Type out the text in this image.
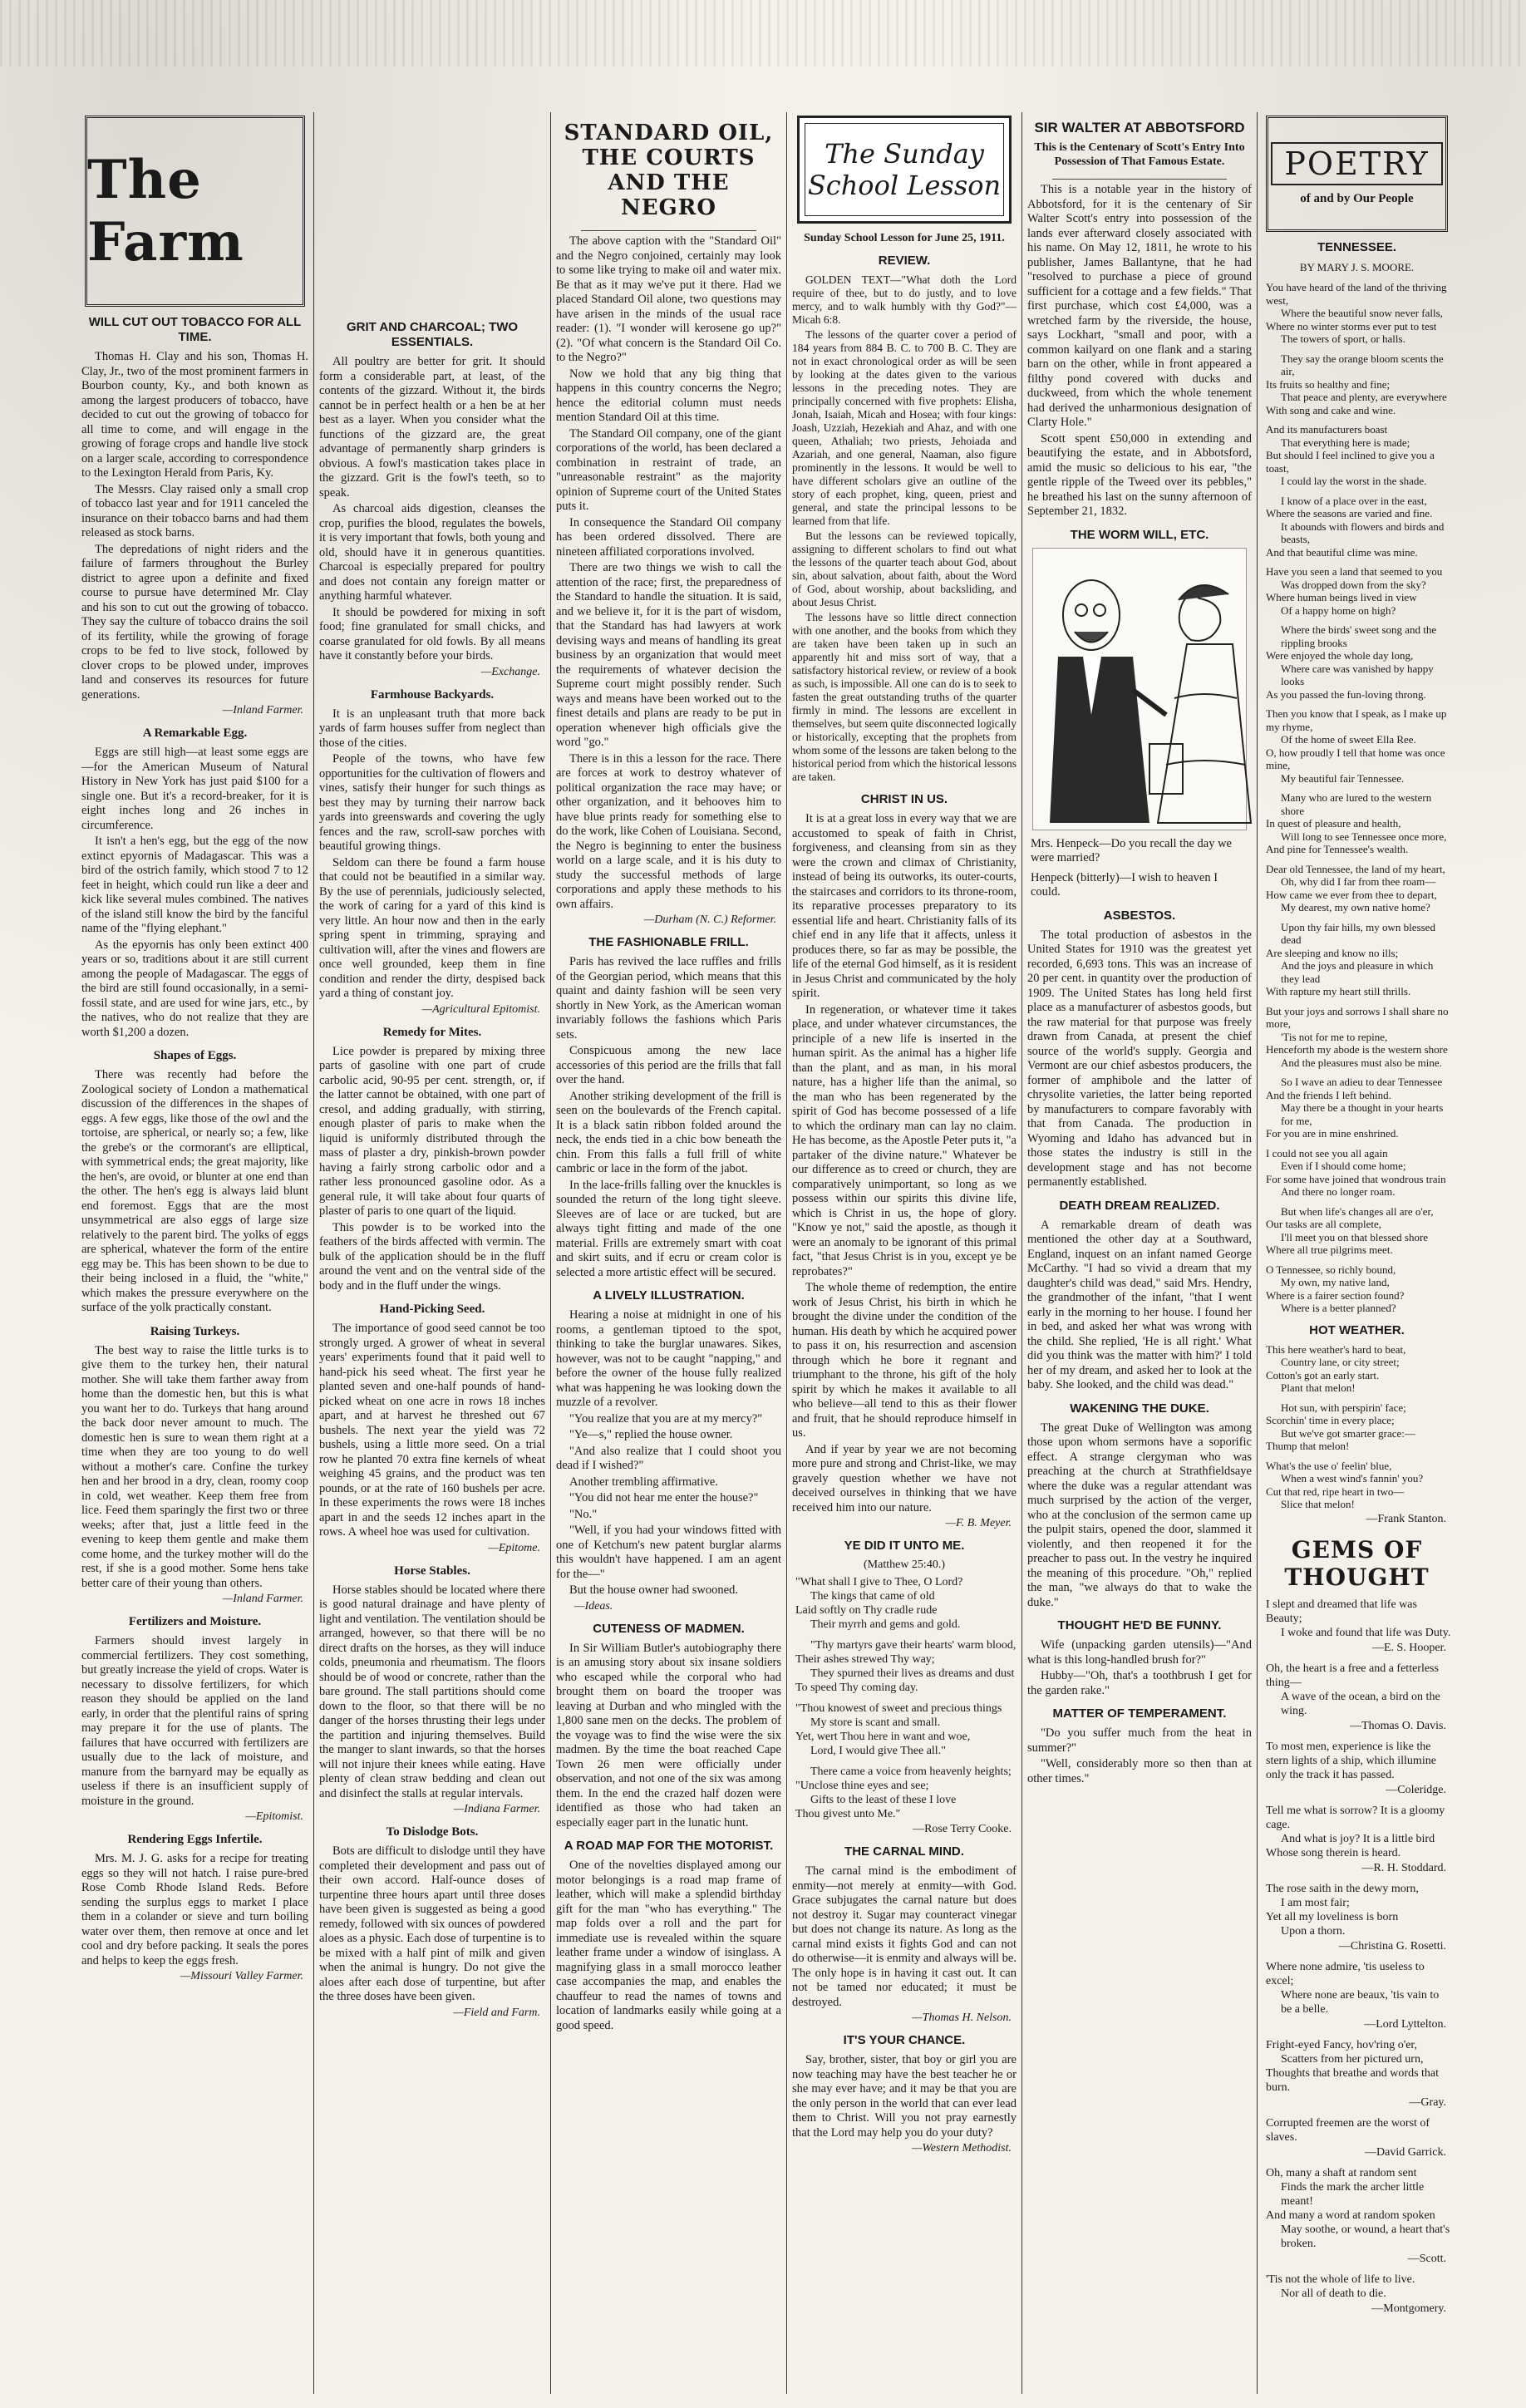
The Farm
WILL CUT OUT TOBACCO FOR ALL TIME.

Thomas H. Clay and his son, Thomas H. Clay, Jr., two of the most prominent farmers in Bourbon county, Ky., and both known as among the largest producers of tobacco, have decided to cut out the growing of tobacco for all time to come, and will engage in the growing of forage crops and handle live stock on a larger scale, according to correspondence to the Lexington Herald from Paris, Ky.

The Messrs. Clay raised only a small crop of tobacco last year and for 1911 canceled the insurance on their tobacco barns and had them released as stock barns.

The depredations of night riders and the failure of farmers throughout the Burley district to agree upon a definite and fixed course to pursue have determined Mr. Clay and his son to cut out the growing of tobacco. They say the culture of tobacco drains the soil of its fertility, while the growing of forage crops to be fed to live stock, followed by clover crops to be plowed under, improves land and conserves its resources for future generations.

—Inland Farmer.
A Remarkable Egg.

Eggs are still high—at least some eggs are—for the American Museum of Natural History in New York has just paid $100 for a single one. But it's a record-breaker, for it is eight inches long and 26 inches in circumference.

It isn't a hen's egg, but the egg of the now extinct epyornis of Madagascar. This was a bird of the ostrich family, which stood 7 to 12 feet in height, which could run like a deer and kick like several mules combined. The natives of the island still know the bird by the fanciful name of the "flying elephant."

As the epyornis has only been extinct 400 years or so, traditions about it are still current among the people of Madagascar. The eggs of the bird are still found occasionally, in a semi-fossil state, and are used for wine jars, etc., by the natives, who do not realize that they are worth $1,200 a dozen.

Shapes of Eggs.

There was recently had before the Zoological society of London a mathematical discussion of the differences in the shapes of eggs. A few eggs, like those of the owl and the tortoise, are spherical, or nearly so; a few, like the grebe's or the cormorant's are elliptical, with symmetrical ends; the great majority, like the hen's, are ovoid, or blunter at one end than the other. The hen's egg is always laid blunt end foremost. Eggs that are the most unsymmetrical are also eggs of large size relatively to the parent bird. The yolks of eggs are spherical, whatever the form of the entire egg may be. This has been shown to be due to their being inclosed in a fluid, the "white," which makes the pressure everywhere on the surface of the yolk practically constant.

Raising Turkeys.

The best way to raise the little turks is to give them to the turkey hen, their natural mother. She will take them farther away from home than the domestic hen, but this is what you want her to do. Turkeys that hang around the back door never amount to much. The domestic hen is sure to wean them right at a time when they are too young to do well without a mother's care. Confine the turkey hen and her brood in a dry, clean, roomy coop in cold, wet weather. Keep them free from lice. Feed them sparingly the first two or three weeks; after that, just a little feed in the evening to keep them gentle and make them come home, and the turkey mother will do the rest, if she is a good mother. Some hens take better care of their young than others.

—Inland Farmer.
Fertilizers and Moisture.

Farmers should invest largely in commercial fertilizers. They cost something, but greatly increase the yield of crops. Water is necessary to dissolve fertilizers, for which reason they should be applied on the land early, in order that the plentiful rains of spring may prepare it for the use of plants. The failures that have occurred with fertilizers are usually due to the lack of moisture, and manure from the barnyard may be equally as useless if there is an insufficient supply of moisture in the ground.

—Epitomist.
Rendering Eggs Infertile.

Mrs. M. J. G. asks for a recipe for treating eggs so they will not hatch. I raise pure-bred Rose Comb Rhode Island Reds. Before sending the surplus eggs to market I place them in a colander or sieve and turn boiling water over them, then remove at once and let cool and dry before packing. It seals the pores and helps to keep the eggs fresh.

—Missouri Valley Farmer.
GRIT AND CHARCOAL; TWO ESSENTIALS.

All poultry are better for grit. It should form a considerable part, at least, of the contents of the gizzard. Without it, the birds cannot be in perfect health or a hen be at her best as a layer. When you consider what the functions of the gizzard are, the great advantage of permanently sharp grinders is obvious. A fowl's mastication takes place in the gizzard. Grit is the fowl's teeth, so to speak.

As charcoal aids digestion, cleanses the crop, purifies the blood, regulates the bowels, it is very important that fowls, both young and old, should have it in generous quantities. Charcoal is especially prepared for poultry and does not contain any foreign matter or anything harmful whatever.

It should be powdered for mixing in soft food; fine granulated for small chicks, and coarse granulated for old fowls. By all means have it constantly before your birds.

—Exchange.
Farmhouse Backyards.

It is an unpleasant truth that more back yards of farm houses suffer from neglect than those of the cities.

People of the towns, who have few opportunities for the cultivation of flowers and vines, satisfy their hunger for such things as best they may by turning their narrow back yards into greenswards and covering the ugly fences and the raw, scroll-saw porches with beautiful growing things.

Seldom can there be found a farm house that could not be beautified in a similar way. By the use of perennials, judiciously selected, the work of caring for a yard of this kind is very little. An hour now and then in the early spring spent in trimming, spraying and cultivation will, after the vines and flowers are once well grounded, keep them in fine condition and render the dirty, despised back yard a thing of constant joy.

—Agricultural Epitomist.
Remedy for Mites.

Lice powder is prepared by mixing three parts of gasoline with one part of crude carbolic acid, 90-95 per cent. strength, or, if the latter cannot be obtained, with one part of cresol, and adding gradually, with stirring, enough plaster of paris to make when the liquid is uniformly distributed through the mass of plaster a dry, pinkish-brown powder having a fairly strong carbolic odor and a rather less pronounced gasoline odor. As a general rule, it will take about four quarts of plaster of paris to one quart of the liquid.

This powder is to be worked into the feathers of the birds affected with vermin. The bulk of the application should be in the fluff around the vent and on the ventral side of the body and in the fluff under the wings.

Hand-Picking Seed.

The importance of good seed cannot be too strongly urged. A grower of wheat in several years' experiments found that it paid well to hand-pick his seed wheat. The first year he planted seven and one-half pounds of hand-picked wheat on one acre in rows 18 inches apart, and at harvest he threshed out 67 bushels. The next year the yield was 72 bushels, using a little more seed. On a trial row he planted 70 extra fine kernels of wheat weighing 45 grains, and the product was ten pounds, or at the rate of 160 bushels per acre. In these experiments the rows were 18 inches apart in and the seeds 12 inches apart in the rows. A wheel hoe was used for cultivation.

—Epitome.
Horse Stables.

Horse stables should be located where there is good natural drainage and have plenty of light and ventilation. The ventilation should be arranged, however, so that there will be no direct drafts on the horses, as they will induce colds, pneumonia and rheumatism. The floors should be of wood or concrete, rather than the bare ground. The stall partitions should come down to the floor, so that there will be no danger of the horses thrusting their legs under the partition and injuring themselves. Build the manger to slant inwards, so that the horses will not injure their knees while eating. Have plenty of clean straw bedding and clean out and disinfect the stalls at regular intervals.

—Indiana Farmer.
To Dislodge Bots.

Bots are difficult to dislodge until they have completed their development and pass out of their own accord. Half-ounce doses of turpentine three hours apart until three doses have been given is suggested as being a good remedy, followed with six ounces of powdered aloes as a physic. Each dose of turpentine is to be mixed with a half pint of milk and given when the animal is hungry. Do not give the aloes after each dose of turpentine, but after the three doses have been given.

—Field and Farm.
STANDARD OIL, THE COURTS AND THE NEGRO

The above caption with the "Standard Oil" and the Negro conjoined, certainly may look to some like trying to make oil and water mix. Be that as it may we've put it there. Had we placed Standard Oil alone, two questions may have arisen in the minds of the usual race reader: (1). "I wonder will kerosene go up?" (2). "Of what concern is the Standard Oil Co. to the Negro?"

Now we hold that any big thing that happens in this country concerns the Negro; hence the editorial column must needs mention Standard Oil at this time.

The Standard Oil company, one of the giant corporations of the world, has been declared a combination in restraint of trade, an "unreasonable restraint" as the majority opinion of Supreme court of the United States puts it.

In consequence the Standard Oil company has been ordered dissolved. There are nineteen affiliated corporations involved.

There are two things we wish to call the attention of the race; first, the preparedness of the Standard to handle the situation. It is said, and we believe it, for it is the part of wisdom, that the Standard has had lawyers at work devising ways and means of handling its great business by an organization that would meet the requirements of whatever decision the Supreme court might possibly render. Such ways and means have been worked out to the finest details and plans are ready to be put in operation whenever high officials give the word "go."

There is in this a lesson for the race. There are forces at work to destroy whatever of political organization the race may have; or other organization, and it behooves him to have blue prints ready for something else to do the work, like Cohen of Louisiana. Second, the Negro is beginning to enter the business world on a large scale, and it is his duty to study the successful methods of large corporations and apply these methods to his own affairs.

—Durham (N. C.) Reformer.
THE FASHIONABLE FRILL.

Paris has revived the lace ruffles and frills of the Georgian period, which means that this quaint and dainty fashion will be seen very shortly in New York, as the American woman invariably follows the fashions which Paris sets.

Conspicuous among the new lace accessories of this period are the frills that fall over the hand.

Another striking development of the frill is seen on the boulevards of the French capital. It is a black satin ribbon folded around the neck, the ends tied in a chic bow beneath the chin. From this falls a full frill of white cambric or lace in the form of the jabot.

In the lace-frills falling over the knuckles is sounded the return of the long tight sleeve. Sleeves are of lace or are tucked, but are always tight fitting and made of the one material. Frills are extremely smart with coat and skirt suits, and if ecru or cream color is selected a more artistic effect will be secured.

A LIVELY ILLUSTRATION.

Hearing a noise at midnight in one of his rooms, a gentleman tiptoed to the spot, thinking to take the burglar unawares. Sikes, however, was not to be caught "napping," and before the owner of the house fully realized what was happening he was looking down the muzzle of a revolver.

"You realize that you are at my mercy?"

"Ye—s," replied the house owner.

"And also realize that I could shoot you dead if I wished?"

Another trembling affirmative.

"You did not hear me enter the house?"

"No."

"Well, if you had your windows fitted with one of Ketchum's new patent burglar alarms this wouldn't have happened. I am an agent for the—"

But the house owner had swooned.

—Ideas.
CUTENESS OF MADMEN.

In Sir William Butler's autobiography there is an amusing story about six insane soldiers who escaped while the corporal who had brought them on board the trooper was leaving at Durban and who mingled with the 1,800 sane men on the decks. The problem of the voyage was to find the wise were the six madmen. By the time the boat reached Cape Town 26 men were officially under observation, and not one of the six was among them. In the end the crazed half dozen were identified as those who had taken an especially eager part in the lunatic hunt.

A ROAD MAP FOR THE MOTORIST.

One of the novelties displayed among our motor belongings is a road map frame of leather, which will make a splendid birthday gift for the man "who has everything." The map folds over a roll and the part for immediate use is revealed within the square leather frame under a window of isinglass. A magnifying glass in a small morocco leather case accompanies the map, and enables the chauffeur to read the names of towns and location of landmarks easily while going at a good speed.

The Sunday School Lesson
Sunday School Lesson for June 25, 1911.
REVIEW.

GOLDEN TEXT—"What doth the Lord require of thee, but to do justly, and to love mercy, and to walk humbly with thy God?"—Micah 6:8.

The lessons of the quarter cover a period of 184 years from 884 B. C. to 700 B. C. They are not in exact chronological order as will be seen by looking at the dates given to the various lessons in the preceding notes. They are principally concerned with five prophets: Elisha, Jonah, Isaiah, Micah and Hosea; with four kings: Joash, Uzziah, Hezekiah and Ahaz, and with one queen, Athaliah; two priests, Jehoiada and Azariah, and one general, Naaman, also figure prominently in the lessons. It would be well to have different scholars give an outline of the story of each prophet, king, queen, priest and general, and state the principal lessons to be learned from that life.

But the lessons can be reviewed topically, assigning to different scholars to find out what the lessons of the quarter teach about God, about sin, about salvation, about faith, about the Word of God, about worship, about backsliding, and about Jesus Christ.

The lessons have so little direct connection with one another, and the books from which they are taken have been taken up in such an apparently hit and miss sort of way, that a satisfactory historical review, or review of a book as such, is impossible. All one can do is to seek to fasten the great outstanding truths of the quarter firmly in mind. The lessons are excellent in themselves, but seem quite disconnected logically or historically, excepting that the prophets from whom some of the lessons are taken belong to the historical period from which the historical lessons are taken.

CHRIST IN US.

It is at a great loss in every way that we are accustomed to speak of faith in Christ, forgiveness, and cleansing from sin as they were the crown and climax of Christianity, instead of being its outworks, its outer-courts, the staircases and corridors to its throne-room, its reparative processes preparatory to its essential life and heart. Christianity falls of its chief end in any life that it affects, unless it produces there, so far as may be possible, the life of the eternal God himself, as it is resident in Jesus Christ and communicated by the holy spirit.

In regeneration, or whatever time it takes place, and under whatever circumstances, the principle of a new life is inserted in the human spirit. As the animal has a higher life than the plant, and as man, in his moral nature, has a higher life than the animal, so the man who has been regenerated by the spirit of God has become possessed of a life to which the ordinary man can lay no claim. He has become, as the Apostle Peter puts it, "a partaker of the divine nature." Whatever be our difference as to creed or church, they are comparatively unimportant, so long as we possess within our spirits this divine life, which is Christ in us, the hope of glory. "Know ye not," said the apostle, as though it were an anomaly to be ignorant of this primal fact, "that Jesus Christ is in you, except ye be reprobates?"

The whole theme of redemption, the entire work of Jesus Christ, his birth in which he brought the divine under the condition of the human. His death by which he acquired power to pass it on, his resurrection and ascension through which he bore it regnant and triumphant to the throne, his gift of the holy spirit by which he makes it available to all who believe—all tend to this as their flower and fruit, that he should reproduce himself in us.

And if year by year we are not becoming more pure and strong and Christ-like, we may gravely question whether we have not deceived ourselves in thinking that we have received him into our nature.

—F. B. Meyer.
YE DID IT UNTO ME.
(Matthew 25:40.)
"What shall I give to Thee, O Lord?
The kings that came of old
Laid softly on Thy cradle rude
Their myrrh and gems and gold.
"Thy martyrs gave their hearts' warm blood,
Their ashes strewed Thy way;
They spurned their lives as dreams and dust
To speed Thy coming day.
"Thou knowest of sweet and precious things
My store is scant and small.
Yet, wert Thou here in want and woe,
Lord, I would give Thee all."
There came a voice from heavenly heights;
"Unclose thine eyes and see;
Gifts to the least of these I love
Thou givest unto Me."
—Rose Terry Cooke.
THE CARNAL MIND.

The carnal mind is the embodiment of enmity—not merely at enmity—with God. Grace subjugates the carnal nature but does not destroy it. Sugar may counteract vinegar but does not change its nature. As long as the carnal mind exists it fights God and can not do otherwise—it is enmity and always will be. The only hope is in having it cast out. It can not be tamed nor educated; it must be destroyed.

—Thomas H. Nelson.
IT'S YOUR CHANCE.

Say, brother, sister, that boy or girl you are now teaching may have the best teacher he or she may ever have; and it may be that you are the only person in the world that can ever lead them to Christ. Will you not pray earnestly that the Lord may help you do your duty?

—Western Methodist.
SIR WALTER AT ABBOTSFORD
This is the Centenary of Scott's Entry Into Possession of That Famous Estate.

This is a notable year in the history of Abbotsford, for it is the centenary of Sir Walter Scott's entry into possession of the lands ever afterward closely associated with his name. On May 12, 1811, he wrote to his publisher, James Ballantyne, that he had "resolved to purchase a piece of ground sufficient for a cottage and a few fields." That first purchase, which cost £4,000, was a wretched farm by the riverside, the house, says Lockhart, "small and poor, with a common kailyard on one flank and a staring barn on the other, while in front appeared a filthy pond covered with ducks and duckweed, from which the whole tenement had derived the unharmonious designation of Clarty Hole."

Scott spent £50,000 in extending and beautifying the estate, and in Abbotsford, amid the music so delicious to his ear, "the gentle ripple of the Tweed over its pebbles," he breathed his last on the sunny afternoon of September 21, 1832.

THE WORM WILL, ETC.
Mrs. Henpeck—Do you recall the day we were married?
Henpeck (bitterly)—I wish to heaven I could.
ASBESTOS.

The total production of asbestos in the United States for 1910 was the greatest yet recorded, 6,693 tons. This was an increase of 20 per cent. in quantity over the production of 1909. The United States has long held first place as a manufacturer of asbestos goods, but the raw material for that purpose was freely drawn from Canada, at present the chief source of the world's supply. Georgia and Vermont are our chief asbestos producers, the former of amphibole and the latter of chrysolite varieties, the latter being reported by manufacturers to compare favorably with that from Canada. The production in Wyoming and Idaho has advanced but in those states the industry is still in the development stage and has not become permanently established.

DEATH DREAM REALIZED.

A remarkable dream of death was mentioned the other day at a Southward, England, inquest on an infant named George McCarthy. "I had so vivid a dream that my daughter's child was dead," said Mrs. Hendry, the grandmother of the infant, "that I went early in the morning to her house. I found her in bed, and asked her what was wrong with the child. She replied, 'He is all right.' What did you think was the matter with him?' I told her of my dream, and asked her to look at the baby. She looked, and the child was dead."

WAKENING THE DUKE.

The great Duke of Wellington was among those upon whom sermons have a soporific effect. A strange clergyman who was preaching at the church at Strathfieldsaye where the duke was a regular attendant was much surprised by the action of the verger, who at the conclusion of the sermon came up the pulpit stairs, opened the door, slammed it violently, and then reopened it for the preacher to pass out. In the vestry he inquired the meaning of this procedure. "Oh," replied the man, "we always do that to wake the duke."

THOUGHT HE'D BE FUNNY.

Wife (unpacking garden utensils)—"And what is this long-handled brush for?"

Hubby—"Oh, that's a toothbrush I get for the garden rake."

MATTER OF TEMPERAMENT.

"Do you suffer much from the heat in summer?"

"Well, considerably more so then than at other times."

POETRY
of and by Our People
TENNESSEE.
BY MARY J. S. MOORE.
You have heard of the land of the thriving west,
Where the beautiful snow never falls,
Where no winter storms ever put to test
The towers of sport, or halls.
They say the orange bloom scents the air,
Its fruits so healthy and fine;
That peace and plenty, are everywhere
With song and cake and wine.
And its manufacturers boast
That everything here is made;
But should I feel inclined to give you a toast,
I could lay the worst in the shade.
I know of a place over in the east,
Where the seasons are varied and fine.
It abounds with flowers and birds and beasts,
And that beautiful clime was mine.
Have you seen a land that seemed to you
Was dropped down from the sky?
Where human beings lived in view
Of a happy home on high?
Where the birds' sweet song and the rippling brooks
Were enjoyed the whole day long,
Where care was vanished by happy looks
As you passed the fun-loving throng.
Then you know that I speak, as I make up my rhyme,
Of the home of sweet Ella Ree.
O, how proudly I tell that home was once mine,
My beautiful fair Tennessee.
Many who are lured to the western shore
In quest of pleasure and health,
Will long to see Tennessee once more,
And pine for Tennessee's wealth.
Dear old Tennessee, the land of my heart,
Oh, why did I far from thee roam—
How came we ever from thee to depart,
My dearest, my own native home?
Upon thy fair hills, my own blessed dead
Are sleeping and know no ills;
And the joys and pleasure in which they lead
With rapture my heart still thrills.
But your joys and sorrows I shall share no more,
'Tis not for me to repine,
Henceforth my abode is the western shore
And the pleasures must also be mine.
So I wave an adieu to dear Tennessee
And the friends I left behind.
May there be a thought in your hearts for me,
For you are in mine enshrined.
I could not see you all again
Even if I should come home;
For some have joined that wondrous train
And there no longer roam.
But when life's changes all are o'er,
Our tasks are all complete,
I'll meet you on that blessed shore
Where all true pilgrims meet.
O Tennessee, so richly bound,
My own, my native land,
Where is a fairer section found?
Where is a better planned?
HOT WEATHER.
This here weather's hard to beat,
Country lane, or city street;
Cotton's got an early start.
Plant that melon!
Hot sun, with perspirin' face;
Scorchin' time in every place;
But we've got smarter grace:—
Thump that melon!
What's the use o' feelin' blue,
When a west wind's fannin' you?
Cut that red, ripe heart in two—
Slice that melon!
—Frank Stanton.
GEMS OF THOUGHT
I slept and dreamed that life was Beauty;
I woke and found that life was Duty.
—E. S. Hooper.
Oh, the heart is a free and a fetterless thing—
A wave of the ocean, a bird on the wing.
—Thomas O. Davis.
To most men, experience is like the stern lights of a ship, which illumine only the track it has passed.
—Coleridge.
Tell me what is sorrow? It is a gloomy cage.
And what is joy? It is a little bird
Whose song therein is heard.
—R. H. Stoddard.
The rose saith in the dewy morn,
I am most fair;
Yet all my loveliness is born
Upon a thorn.
—Christina G. Rosetti.
Where none admire, 'tis useless to excel;
Where none are beaux, 'tis vain to be a belle.
—Lord Lyttelton.
Fright-eyed Fancy, hov'ring o'er,
Scatters from her pictured urn,
Thoughts that breathe and words that burn.
—Gray.
Corrupted freemen are the worst of slaves.
—David Garrick.
Oh, many a shaft at random sent
Finds the mark the archer little meant!
And many a word at random spoken
May soothe, or wound, a heart that's broken.
—Scott.
'Tis not the whole of life to live.
Nor all of death to die.
—Montgomery.
